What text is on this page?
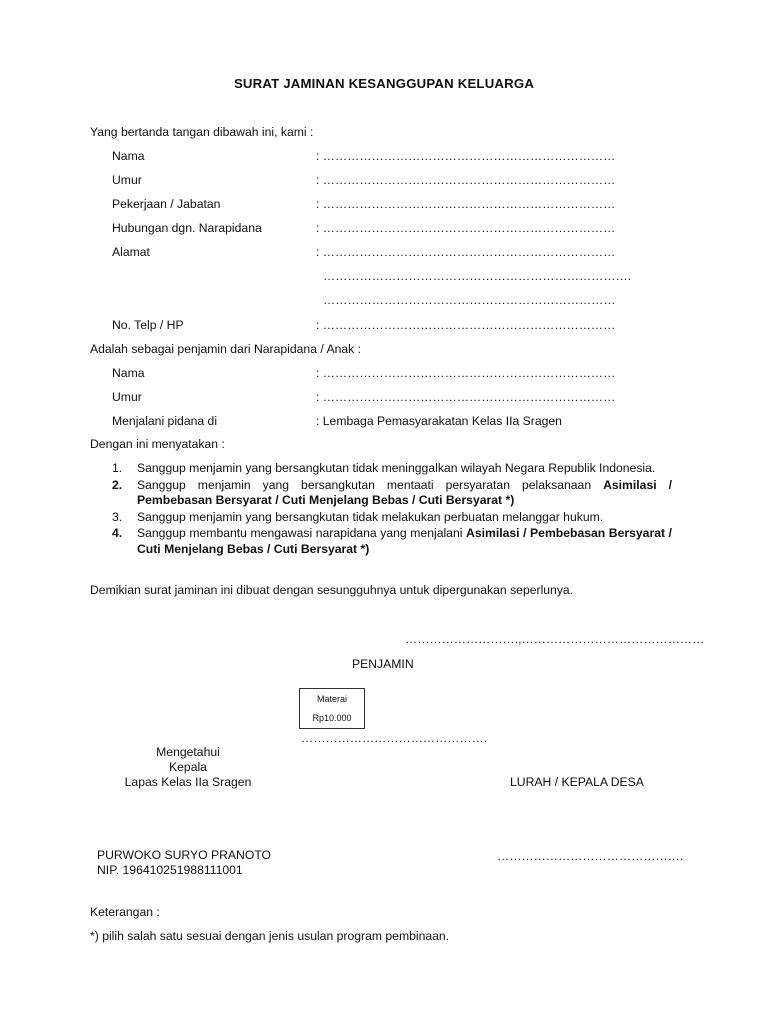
SURAT JAMINAN KESANGGUPAN KELUARGA
Yang bertanda tangan dibawah ini, kami :
Nama	: ………………………………………………………………
Umur	: ………………………………………………………………
Pekerjaan / Jabatan	: ………………………………………………………………
Hubungan dgn. Narapidana	: ………………………………………………………………
Alamat	: ………………………………………………………………
………………………………………………………………….
………………………………………………………………
No. Telp / HP	: ………………………………………………………………
Adalah sebagai penjamin dari Narapidana / Anak :
Nama	: ………………………………………………………………
Umur	: ………………………………………………………………
Menjalani pidana di	: Lembaga Pemasyarakatan Kelas IIa Sragen
Dengan ini menyatakan :
1.	Sanggup menjamin yang bersangkutan tidak meninggalkan wilayah Negara Republik Indonesia.
2.	Sanggup menjamin yang bersangkutan mentaati persyaratan pelaksanaan Asimilasi / Pembebasan Bersyarat / Cuti Menjelang Bebas / Cuti Bersyarat *)
3.	Sanggup menjamin yang bersangkutan tidak melakukan perbuatan melanggar hukum.
4.	Sanggup membantu mengawasi narapidana yang menjalani Asimilasi / Pembebasan Bersyarat / Cuti Menjelang Bebas / Cuti Bersyarat *)
Demikian surat jaminan ini dibuat dengan sesungguhnya untuk dipergunakan seperlunya.
……………………….,………………………………………
PENJAMIN
Materai
Rp10.000
……………………………………….
Mengetahui
Kepala
Lapas Kelas IIa Sragen	LURAH / KEPALA DESA
PURWOKO SURYO PRANOTO
NIP. 196410251988111001
……………………………………….
Keterangan :
*) pilih salah satu sesuai dengan jenis usulan program pembinaan.
